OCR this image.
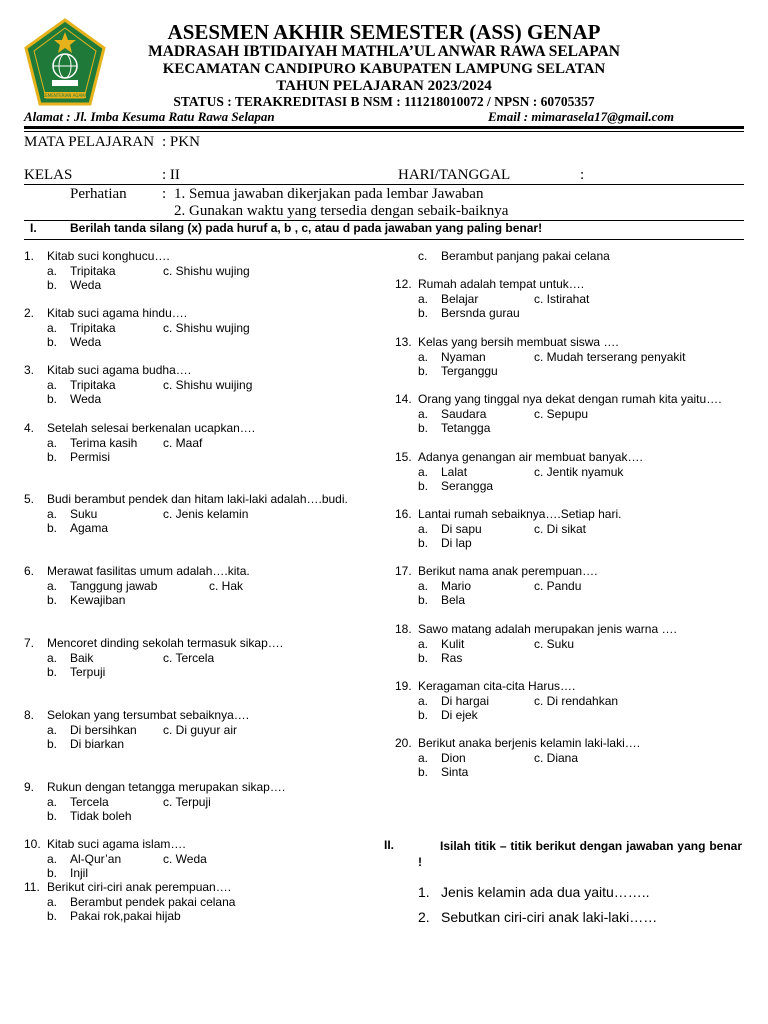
KEMENTERIAN AGAMA
ASESMEN AKHIR SEMESTER (ASS) GENAP
MADRASAH IBTIDAIYAH MATHLA’UL ANWAR RAWA SELAPAN
KECAMATAN CANDIPURO KABUPATEN LAMPUNG SELATAN
TAHUN PELAJARAN 2023/2024
STATUS : TERAKREDITASI B NSM : 111218010072 / NPSN : 60705357
Alamat : Jl. Imba Kesuma Ratu Rawa Selapan	Email : mimarasela17@gmail.com
MATA PELAJARAN : PKN
KELAS	: II	HARI/TANGGAL	:
Perhatian : 1. Semua jawaban dikerjakan pada lembar Jawaban
2. Gunakan waktu yang tersedia dengan sebaik-baiknya
I.	Berilah tanda silang (x) pada huruf a, b , c, atau d pada jawaban yang paling benar!
1. Kitab suci konghucu….
a. Tripitaka	c. Shishu wujing
b. Weda
2. Kitab suci agama hindu….
a. Tripitaka	c. Shishu wujing
b. Weda
3. Kitab suci agama budha….
a. Tripitaka	c. Shishu wuijing
b. Weda
4. Setelah selesai berkenalan ucapkan….
a. Terima kasih c. Maaf
b. Permisi
5. Budi berambut pendek dan hitam laki-laki adalah….budi.
a. Suku	c. Jenis kelamin
b. Agama
6. Merawat fasilitas umum adalah….kita.
a. Tanggung jawab	c. Hak
b. Kewajiban
7. Mencoret dinding sekolah termasuk sikap….
a. Baik	c. Tercela
b. Terpuji
8. Selokan yang tersumbat sebaiknya….
a. Di bersihkan c. Di guyur air
b. Di biarkan
9. Rukun dengan tetangga merupakan sikap….
a. Tercela	c. Terpuji
b. Tidak boleh
10. Kitab suci agama islam….
a. Al-Qur’an	c. Weda
b. Injil
11. Berikut ciri-ciri anak perempuan….
a. Berambut pendek pakai celana
b. Pakai rok,pakai hijab
c. Berambut panjang pakai celana
12. Rumah adalah tempat untuk….
a. Belajar	c. Istirahat
b. Bersnda gurau
13. Kelas yang bersih membuat siswa ….
a. Nyaman	c. Mudah terserang penyakit
b. Terganggu
14. Orang yang tinggal nya dekat dengan rumah kita yaitu….
a. Saudara	c. Sepupu
b. Tetangga
15. Adanya genangan air membuat banyak….
a. Lalat	c. Jentik nyamuk
b. Serangga
16. Lantai rumah sebaiknya….Setiap hari.
a. Di sapu	c. Di sikat
b. Di lap
17. Berikut nama anak perempuan….
a. Mario	c. Pandu
b. Bela
18. Sawo matang adalah merupakan jenis warna ….
a. Kulit	c. Suku
b. Ras
19. Keragaman cita-cita Harus….
a. Di hargai	c. Di rendahkan
b. Di ejek
20. Berikut anaka berjenis kelamin laki-laki….
a. Dion	c. Diana
b. Sinta
II.	Isilah titik – titik berikut dengan jawaban yang benar !
1. Jenis kelamin ada dua yaitu……..
2. Sebutkan ciri-ciri anak laki-laki……
